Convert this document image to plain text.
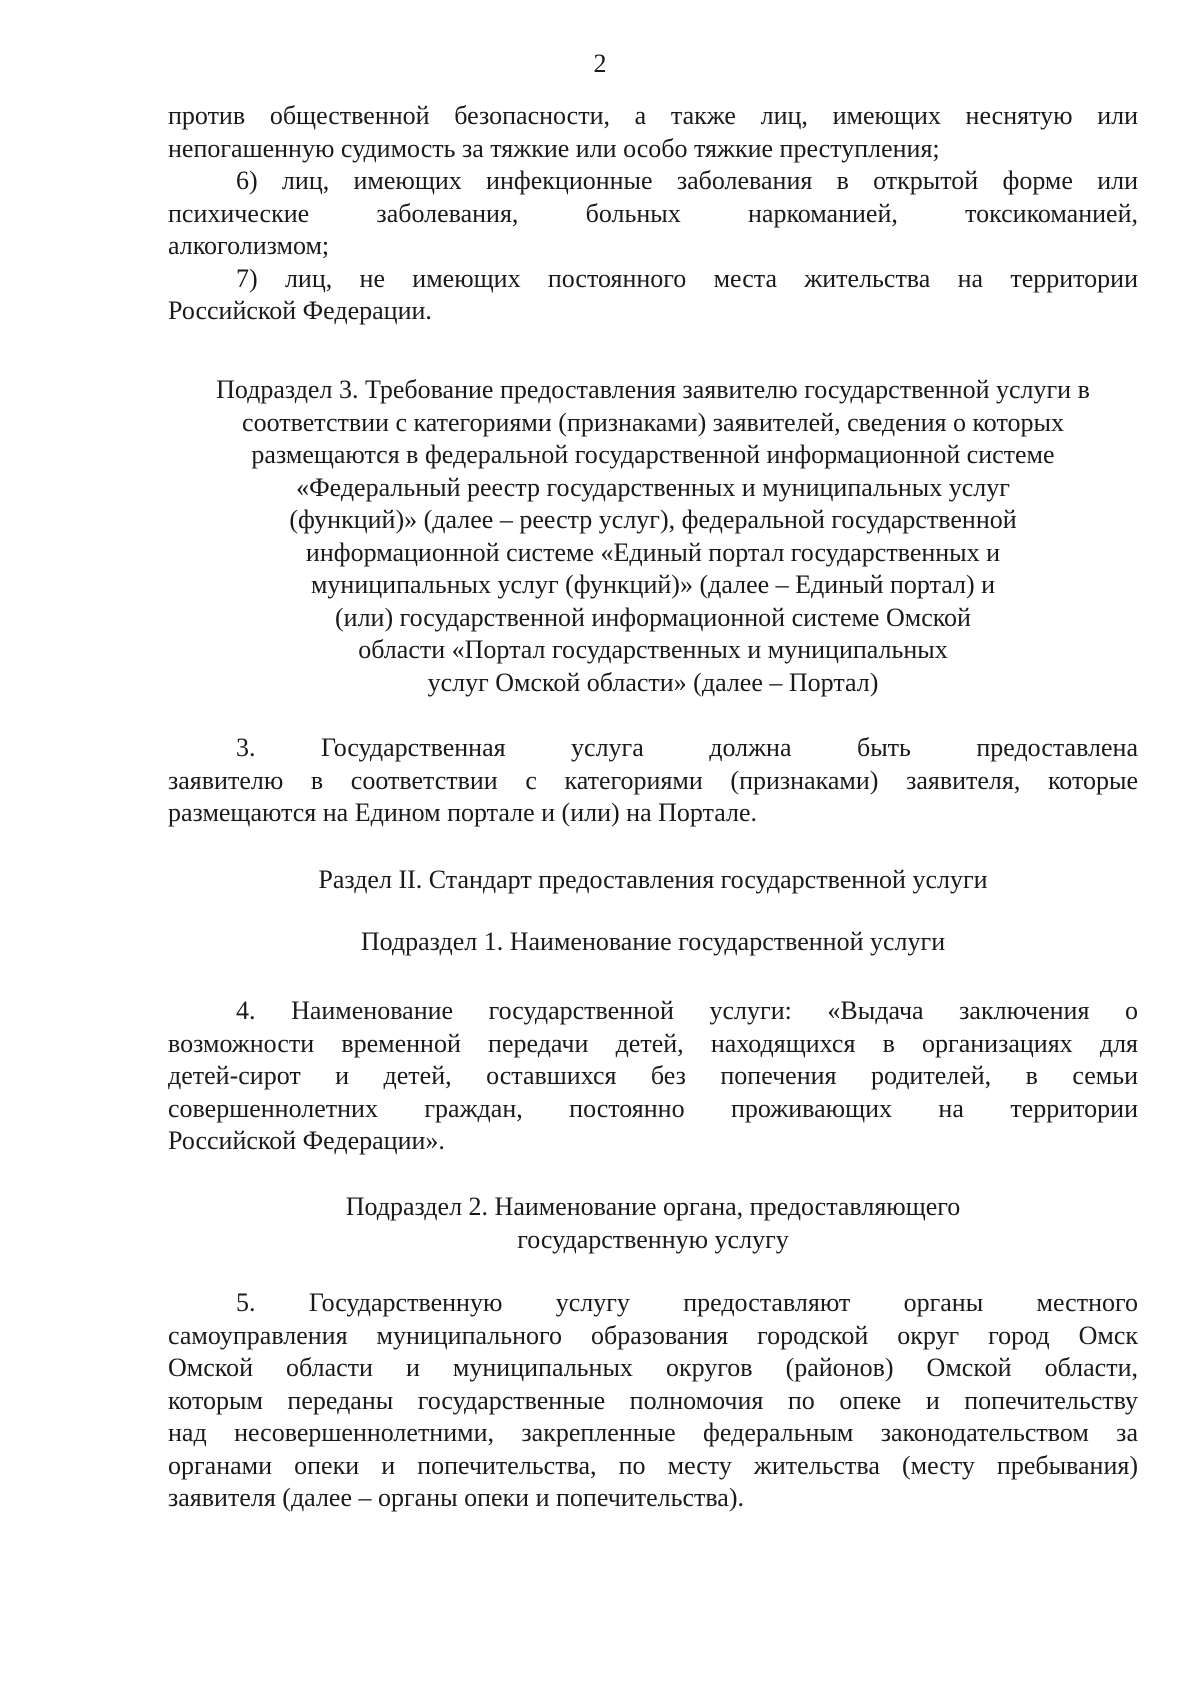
2
против общественной безопасности, а также лиц, имеющих неснятую или
непогашенную судимость за тяжкие или особо тяжкие преступления;
6) лиц, имеющих инфекционные заболевания в открытой форме или
психические заболевания, больных наркоманией, токсикоманией,
алкоголизмом;
7) лиц, не имеющих постоянного места жительства на территории
Российской Федерации.
Подраздел 3. Требование предоставления заявителю государственной услуги в
соответствии с категориями (признаками) заявителей, сведения о которых
размещаются в федеральной государственной информационной системе
«Федеральный реестр государственных и муниципальных услуг
(функций)» (далее – реестр услуг), федеральной государственной
информационной системе «Единый портал государственных и
муниципальных услуг (функций)» (далее – Единый портал) и
(или) государственной информационной системе Омской
области «Портал государственных и муниципальных
услуг Омской области» (далее – Портал)
3. Государственная услуга должна быть предоставлена
заявителю в соответствии с категориями (признаками) заявителя, которые
размещаются на Едином портале и (или) на Портале.
Раздел II. Стандарт предоставления государственной услуги
Подраздел 1. Наименование государственной услуги
4. Наименование государственной услуги: «Выдача заключения о
возможности временной передачи детей, находящихся в организациях для
детей-сирот и детей, оставшихся без попечения родителей, в семьи
совершеннолетних граждан, постоянно проживающих на территории
Российской Федерации».
Подраздел 2. Наименование органа, предоставляющего
государственную услугу
5. Государственную услугу предоставляют органы местного
самоуправления муниципального образования городской округ город Омск
Омской области и муниципальных округов (районов) Омской области,
которым переданы государственные полномочия по опеке и попечительству
над несовершеннолетними, закрепленные федеральным законодательством за
органами опеки и попечительства, по месту жительства (месту пребывания)
заявителя (далее – органы опеки и попечительства).
